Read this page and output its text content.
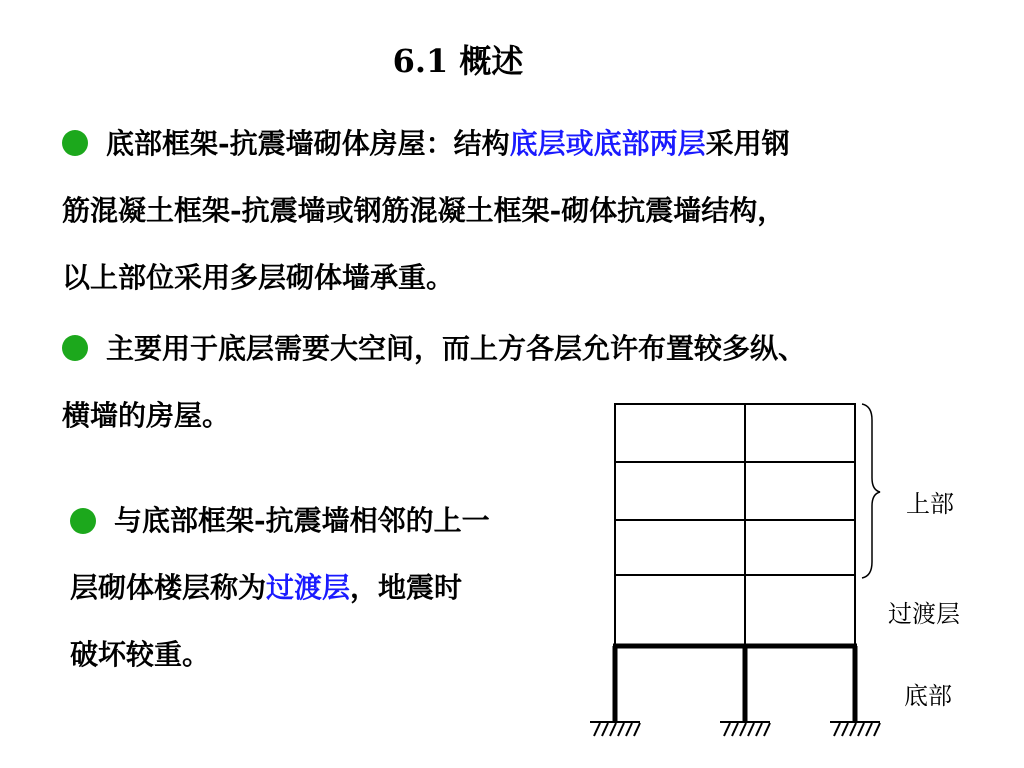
6.1 概述
底部框架-抗震墙砌体房屋：结构底层或底部两层采用钢
筋混凝土框架-抗震墙或钢筋混凝土框架-砌体抗震墙结构，
以上部位采用多层砌体墙承重。
主要用于底层需要大空间，而上方各层允许布置较多纵、
横墙的房屋。
与底部框架-抗震墙相邻的上一
层砌体楼层称为过渡层，地震时
破坏较重。
上部
过渡层
底部
